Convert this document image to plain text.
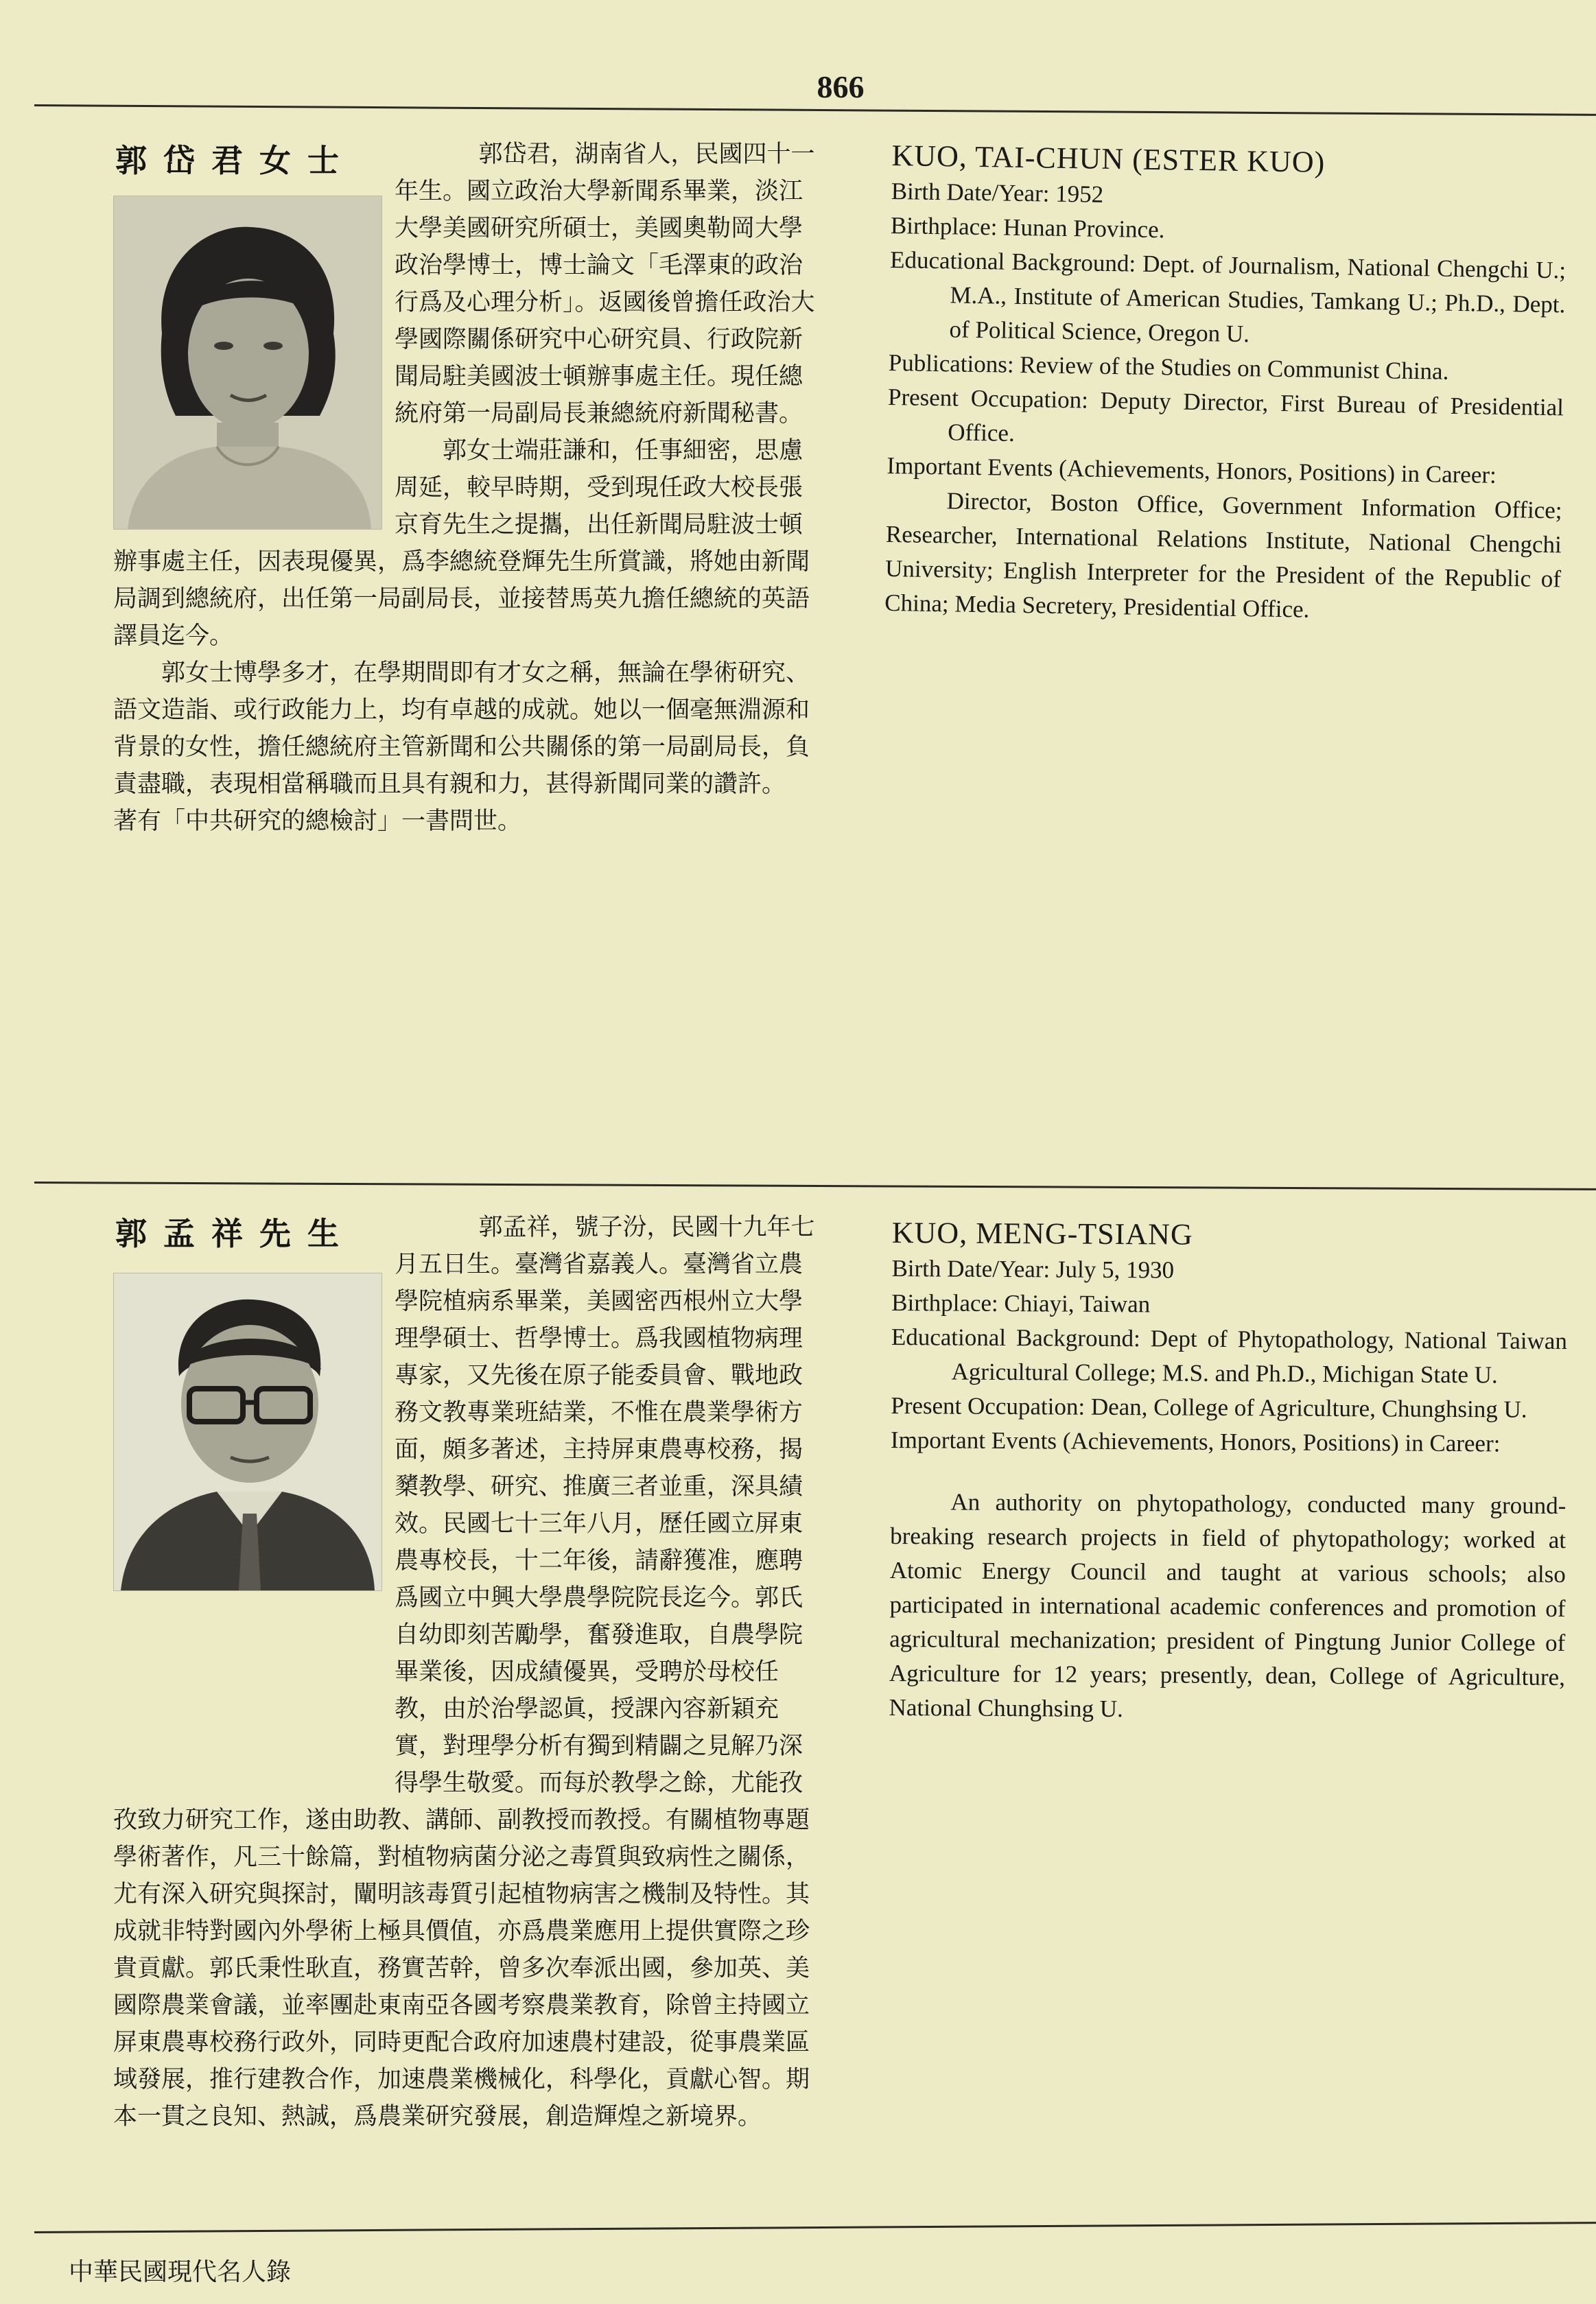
866
郭岱君女士	郭岱君，湖南省人，民國四十一年生。國立政治大學新聞系畢業，淡江大學美國研究所碩士，美國奧勒岡大學政治學博士，博士論文「毛澤東的政治行爲及心理分析」。返國後曾擔任政治大學國際關係研究中心研究員、行政院新聞局駐美國波士頓辦事處主任。現任總統府第一局副局長兼總統府新聞秘書。

郭女士端莊謙和，任事細密，思慮周延，較早時期，受到現任政大校長張京育先生之提攜，出任新聞局駐波士頓辦事處主任，因表現優異，爲李總統登輝先生所賞識，將她由新聞局調到總統府，出任第一局副局長，並接替馬英九擔任總統的英語譯員迄今。

郭女士博學多才，在學期間即有才女之稱，無論在學術研究、語文造詣、或行政能力上，均有卓越的成就。她以一個毫無淵源和背景的女性，擔任總統府主管新聞和公共關係的第一局副局長，負責盡職，表現相當稱職而且具有親和力，甚得新聞同業的讚許。

著有「中共研究的總檢討」一書問世。

KUO, TAI-CHUN (ESTER KUO)

Birth Date/Year: 1952

Birthplace: Hunan Province.

Educational Background: Dept. of Journalism, National Chengchi U.; M.A., Institute of American Studies, Tamkang U.; Ph.D., Dept. of Political Science, Oregon U.

Publications: Review of the Studies on Communist China.

Present Occupation: Deputy Director, First Bureau of Presidential Office.

Important Events (Achievements, Honors, Positions) in Career:

Director, Boston Office, Government Information Office; Researcher, International Relations Institute, National Chengchi University; English Interpreter for the President of the Republic of China; Media Secretery, Presidential Office.

郭孟祥先生	郭孟祥，號子汾，民國十九年七月五日生。臺灣省嘉義人。臺灣省立農學院植病系畢業，美國密西根州立大學理學碩士、哲學博士。爲我國植物病理專家，又先後在原子能委員會、戰地政務文教專業班結業，不惟在農業學術方面，頗多著述，主持屏東農專校務，揭櫫教學、研究、推廣三者並重，深具績效。民國七十三年八月，歷任國立屏東農專校長，十二年後，請辭獲准，應聘爲國立中興大學農學院院長迄今。郭氏自幼即刻苦勵學，奮發進取，自農學院畢業後，因成績優異，受聘於母校任教，由於治學認眞，授課內容新穎充實，對理學分析有獨到精闢之見解乃深得學生敬愛。而每於教學之餘，尤能孜孜致力研究工作，遂由助教、講師、副教授而教授。有關植物專題學術著作，凡三十餘篇，對植物病菌分泌之毒質與致病性之關係，尤有深入研究與探討，闡明該毒質引起植物病害之機制及特性。其成就非特對國內外學術上極具價值，亦爲農業應用上提供實際之珍貴貢獻。郭氏秉性耿直，務實苦幹，曾多次奉派出國，參加英、美國際農業會議，並率團赴東南亞各國考察農業教育，除曾主持國立屏東農專校務行政外，同時更配合政府加速農村建設，從事農業區域發展，推行建教合作，加速農業機械化，科學化，貢獻心智。期本一貫之良知、熱誠，爲農業研究發展，創造輝煌之新境界。

KUO, MENG-TSIANG

Birth Date/Year: July 5, 1930

Birthplace: Chiayi, Taiwan

Educational Background: Dept of Phytopathology, National Taiwan Agricultural College; M.S. and Ph.D., Michigan State U.

Present Occupation: Dean, College of Agriculture, Chunghsing U.

Important Events (Achievements, Honors, Positions) in Career:

An authority on phytopathology, conducted many ground-breaking research projects in field of phytopathology; worked at Atomic Energy Council and taught at various schools; also participated in international academic conferences and promotion of agricultural mechanization; president of Pingtung Junior College of Agriculture for 12 years; presently, dean, College of Agriculture, National Chunghsing U.

中華民國現代名人錄
